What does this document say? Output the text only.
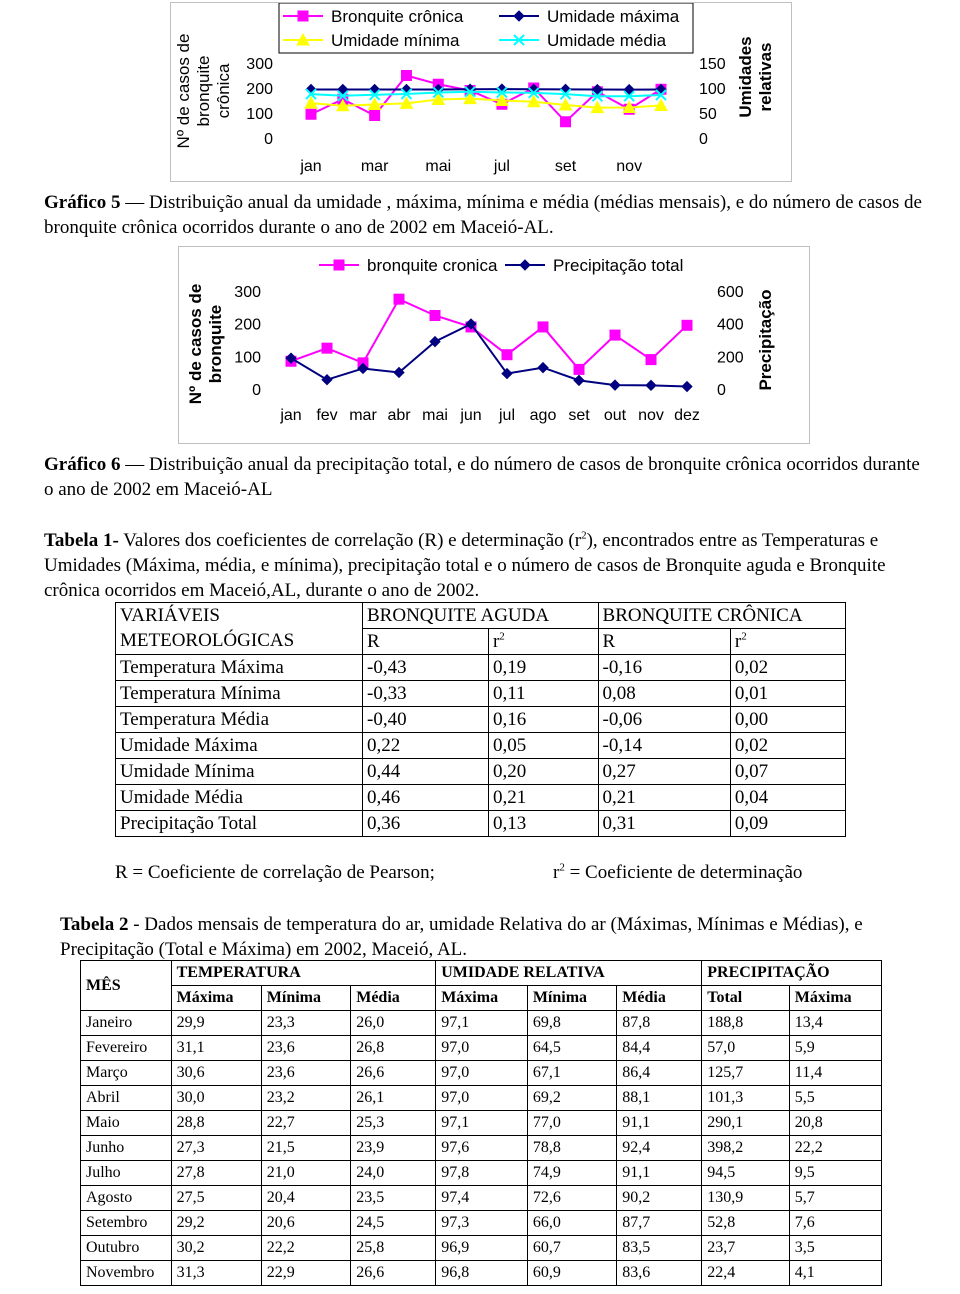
Nº de casos de bronquite crônica	Umidades relativas
300
200
100
0
150
100
50
0
jan mar mai	jul	set	nov
Bronquite crônica	Umidade máxima
Umidade mínima	Umidade média
Gráfico 5 — Distribuição anual da umidade , máxima, mínima e média (médias mensais), e do número de casos de bronquite crônica ocorridos durante o ano de 2002 em Maceió-AL.
Nº de casos de bronquite	Precipitação
300
200
100
0
600
400
200
0
jan fev mar abr mai jun jul ago set out nov dez
bronquite cronica	Precipitação total
Gráfico 6 — Distribuição anual da precipitação total, e do número de casos de bronquite crônica ocorridos durante o ano de 2002 em Maceió-AL
Tabela 1- Valores dos coeficientes de correlação (R) e determinação $(r^2)$, encontrados entre as Temperaturas e Umidades (Máxima, média, e mínima), precipitação total e o número de casos de Bronquite aguda e Bronquite crônica ocorridos em Maceió,AL, durante o ano de 2002.
VARIÁVEIS METEOROLÓGICAS	BRONQUITE AGUDA		BRONQUITE CRÔNICA	
	R	$r^2$	R	$r^2$
Temperatura Máxima	-0,43	0,19	-0,16	0,02
Temperatura Mínima	-0,33	0,11	0,08	0,01
Temperatura Média	-0,40	0,16	-0,06	0,00
Umidade Máxima	0,22	0,05	-0,14	0,02
Umidade Mínima	0,44	0,20	0,27	0,07
Umidade Média	0,46	0,21	0,21	0,04
Precipitação Total	0,36	0,13	0,31	0,09
R = Coeficiente de correlação de Pearson;	$r^2$ = Coeficiente de determinação
Tabela 2 - Dados mensais de temperatura do ar, umidade Relativa do ar (Máximas, Mínimas e Médias), e Precipitação (Total e Máxima) em 2002, Maceió, AL.
MÊS	TEMPERATURA			UMIDADE RELATIVA			PRECIPITAÇÃO	
	Máxima	Mínima	Média	Máxima	Mínima	Média	Total	Máxima
Janeiro	29,9	23,3	26,0	97,1	69,8	87,8	188,8	13,4
Fevereiro	31,1	23,6	26,8	97,0	64,5	84,4	57,0	5,9
Março	30,6	23,6	26,6	97,0	67,1	86,4	125,7	11,4
Abril	30,0	23,2	26,1	97,0	69,2	88,1	101,3	5,5
Maio	28,8	22,7	25,3	97,1	77,0	91,1	290,1	20,8
Junho	27,3	21,5	23,9	97,6	78,8	92,4	398,2	22,2
Julho	27,8	21,0	24,0	97,8	74,9	91,1	94,5	9,5
Agosto	27,5	20,4	23,5	97,4	72,6	90,2	130,9	5,7
Setembro	29,2	20,6	24,5	97,3	66,0	87,7	52,8	7,6
Outubro	30,2	22,2	25,8	96,9	60,7	83,5	23,7	3,5
Novembro	31,3	22,9	26,6	96,8	60,9	83,6	22,4	4,1
